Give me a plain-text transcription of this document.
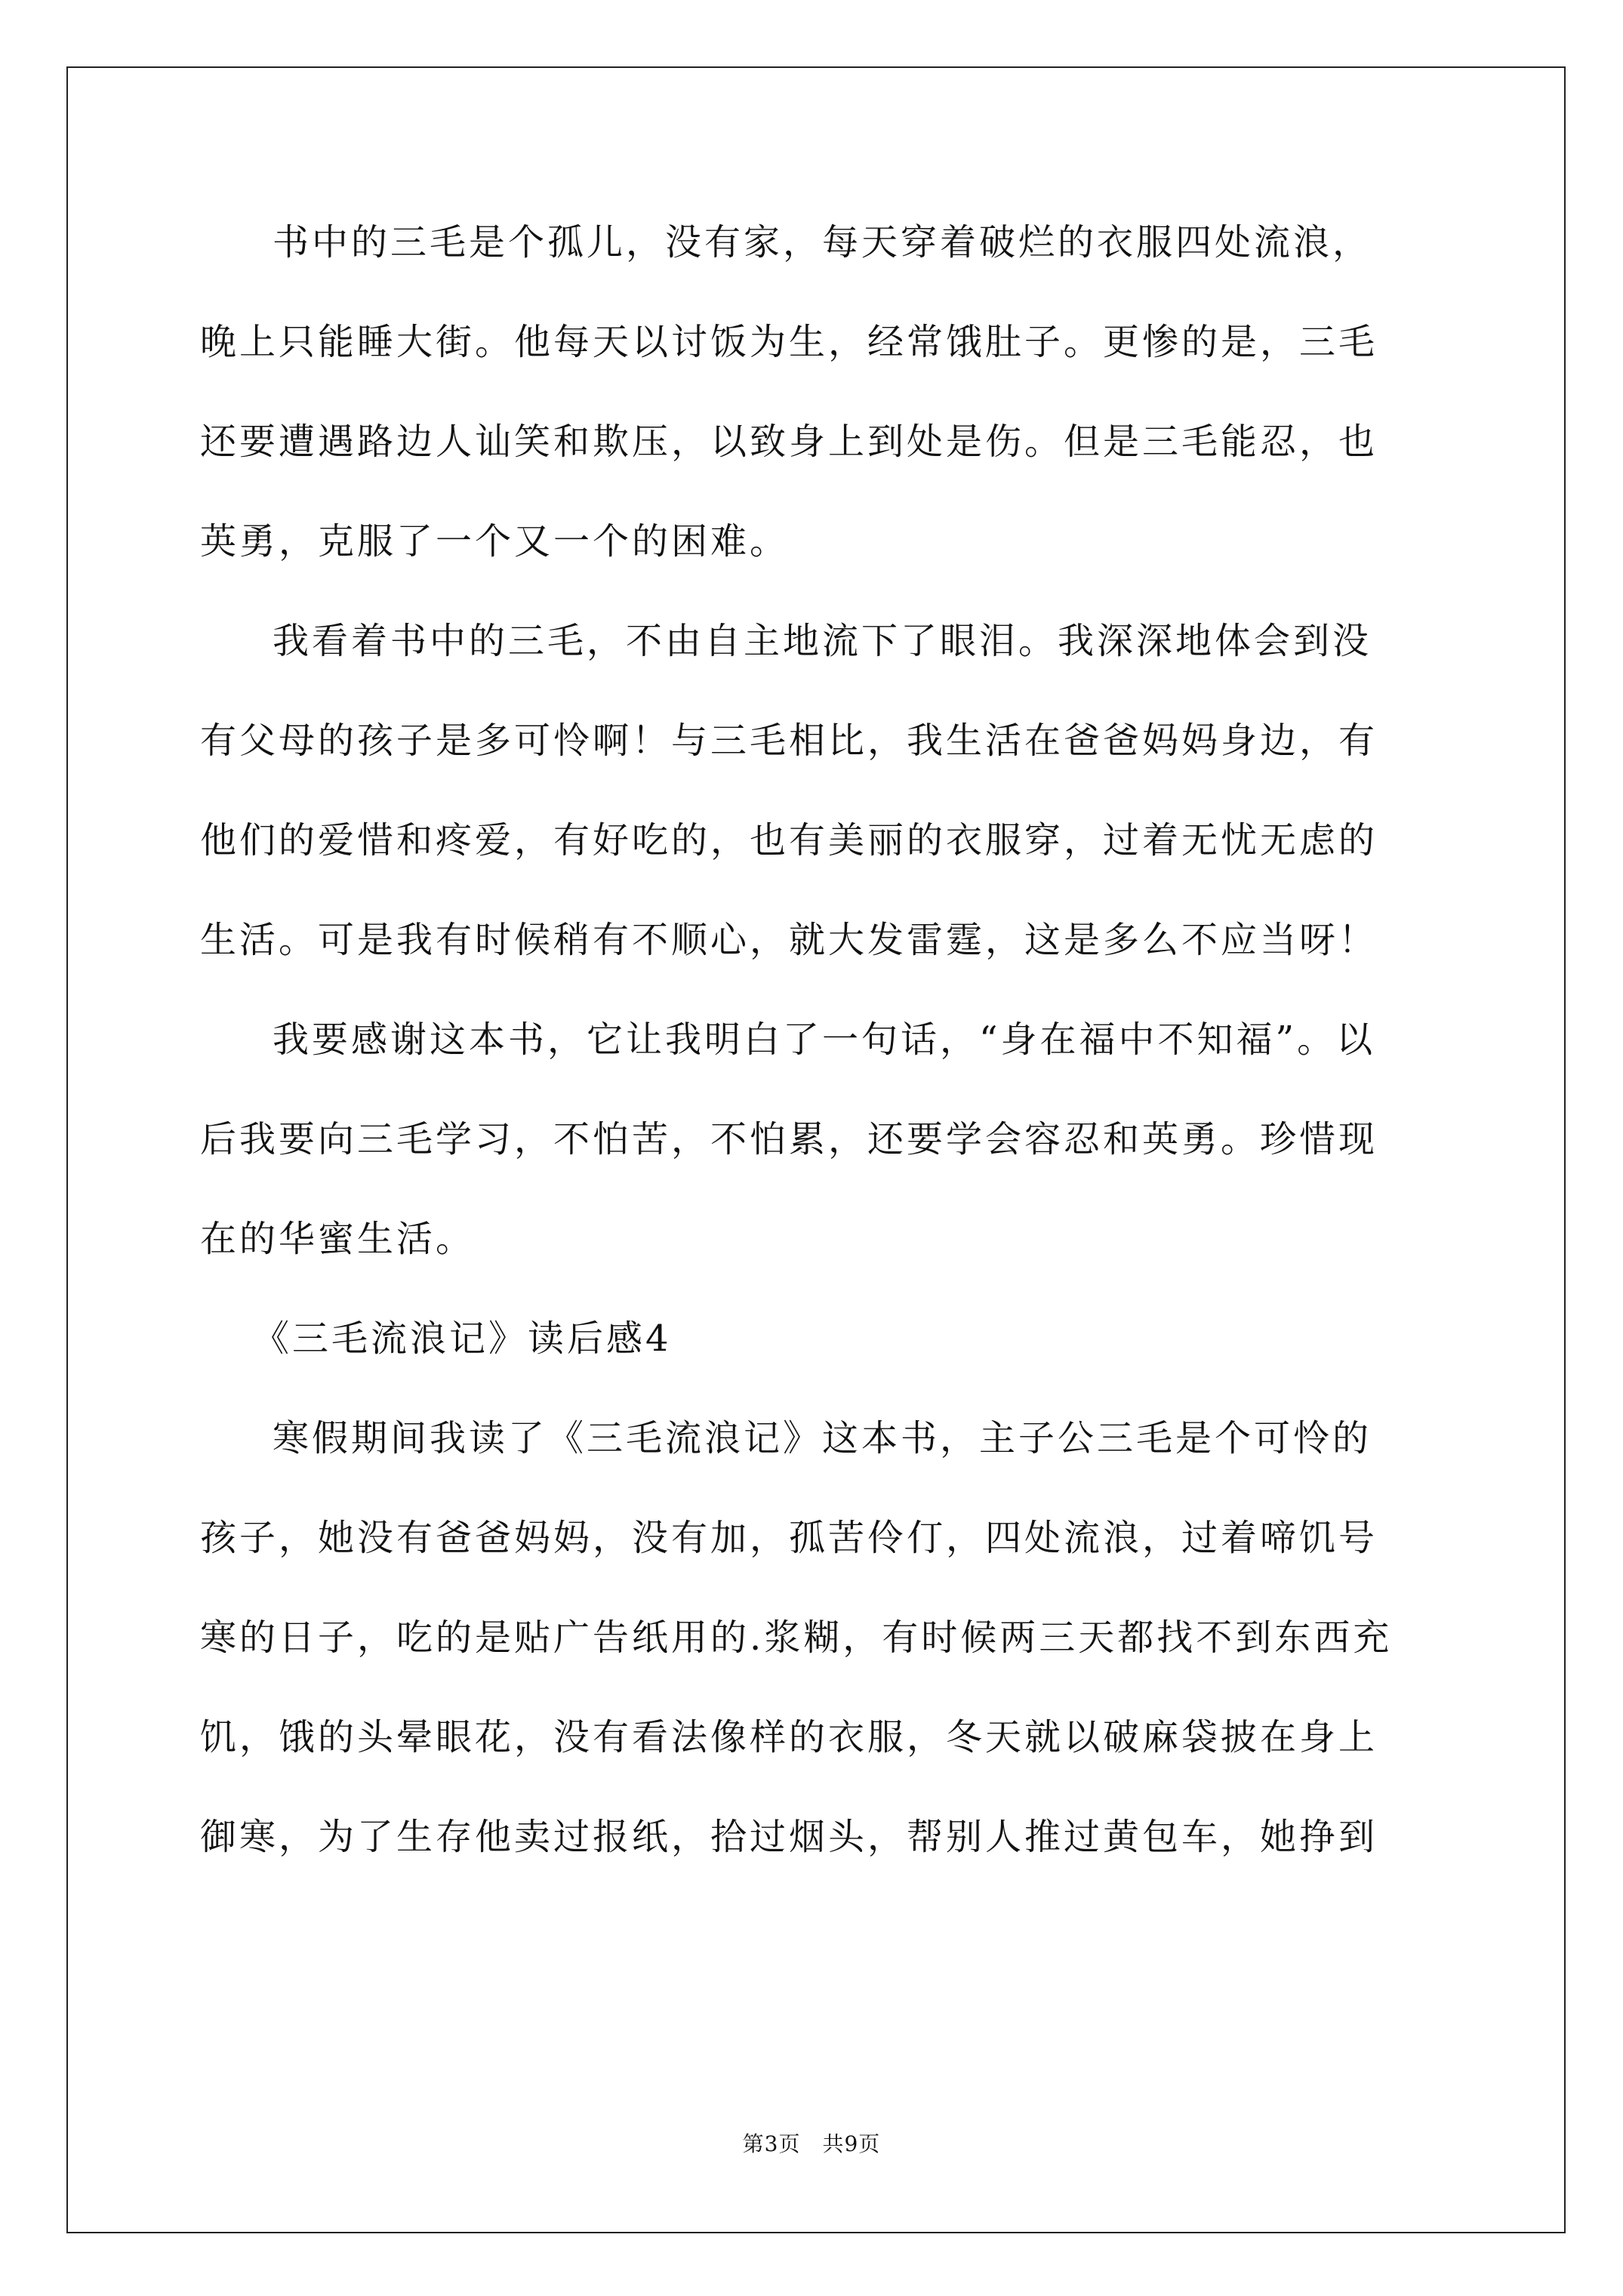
书中的三毛是个孤儿，没有家，每天穿着破烂的衣服四处流浪，
晚上只能睡大街。他每天以讨饭为生，经常饿肚子。更惨的是，三毛
还要遭遇路边人讪笑和欺压，以致身上到处是伤。但是三毛能忍，也
英勇，克服了一个又一个的困难。
我看着书中的三毛，不由自主地流下了眼泪。我深深地体会到没
有父母的孩子是多可怜啊！与三毛相比，我生活在爸爸妈妈身边，有
他们的爱惜和疼爱，有好吃的，也有美丽的衣服穿，过着无忧无虑的
生活。可是我有时候稍有不顺心，就大发雷霆，这是多么不应当呀！
我要感谢这本书，它让我明白了一句话，“身在福中不知福”。以
后我要向三毛学习，不怕苦，不怕累，还要学会容忍和英勇。珍惜现
在的华蜜生活。
《三毛流浪记》读后感4
寒假期间我读了《三毛流浪记》这本书，主子公三毛是个可怜的
孩子，她没有爸爸妈妈，没有加，孤苦伶仃，四处流浪，过着啼饥号
寒的日子，吃的是贴广告纸用的.浆糊，有时候两三天都找不到东西充
饥，饿的头晕眼花，没有看法像样的衣服，冬天就以破麻袋披在身上
御寒，为了生存他卖过报纸，拾过烟头，帮别人推过黄包车，她挣到
第3页　共9页
